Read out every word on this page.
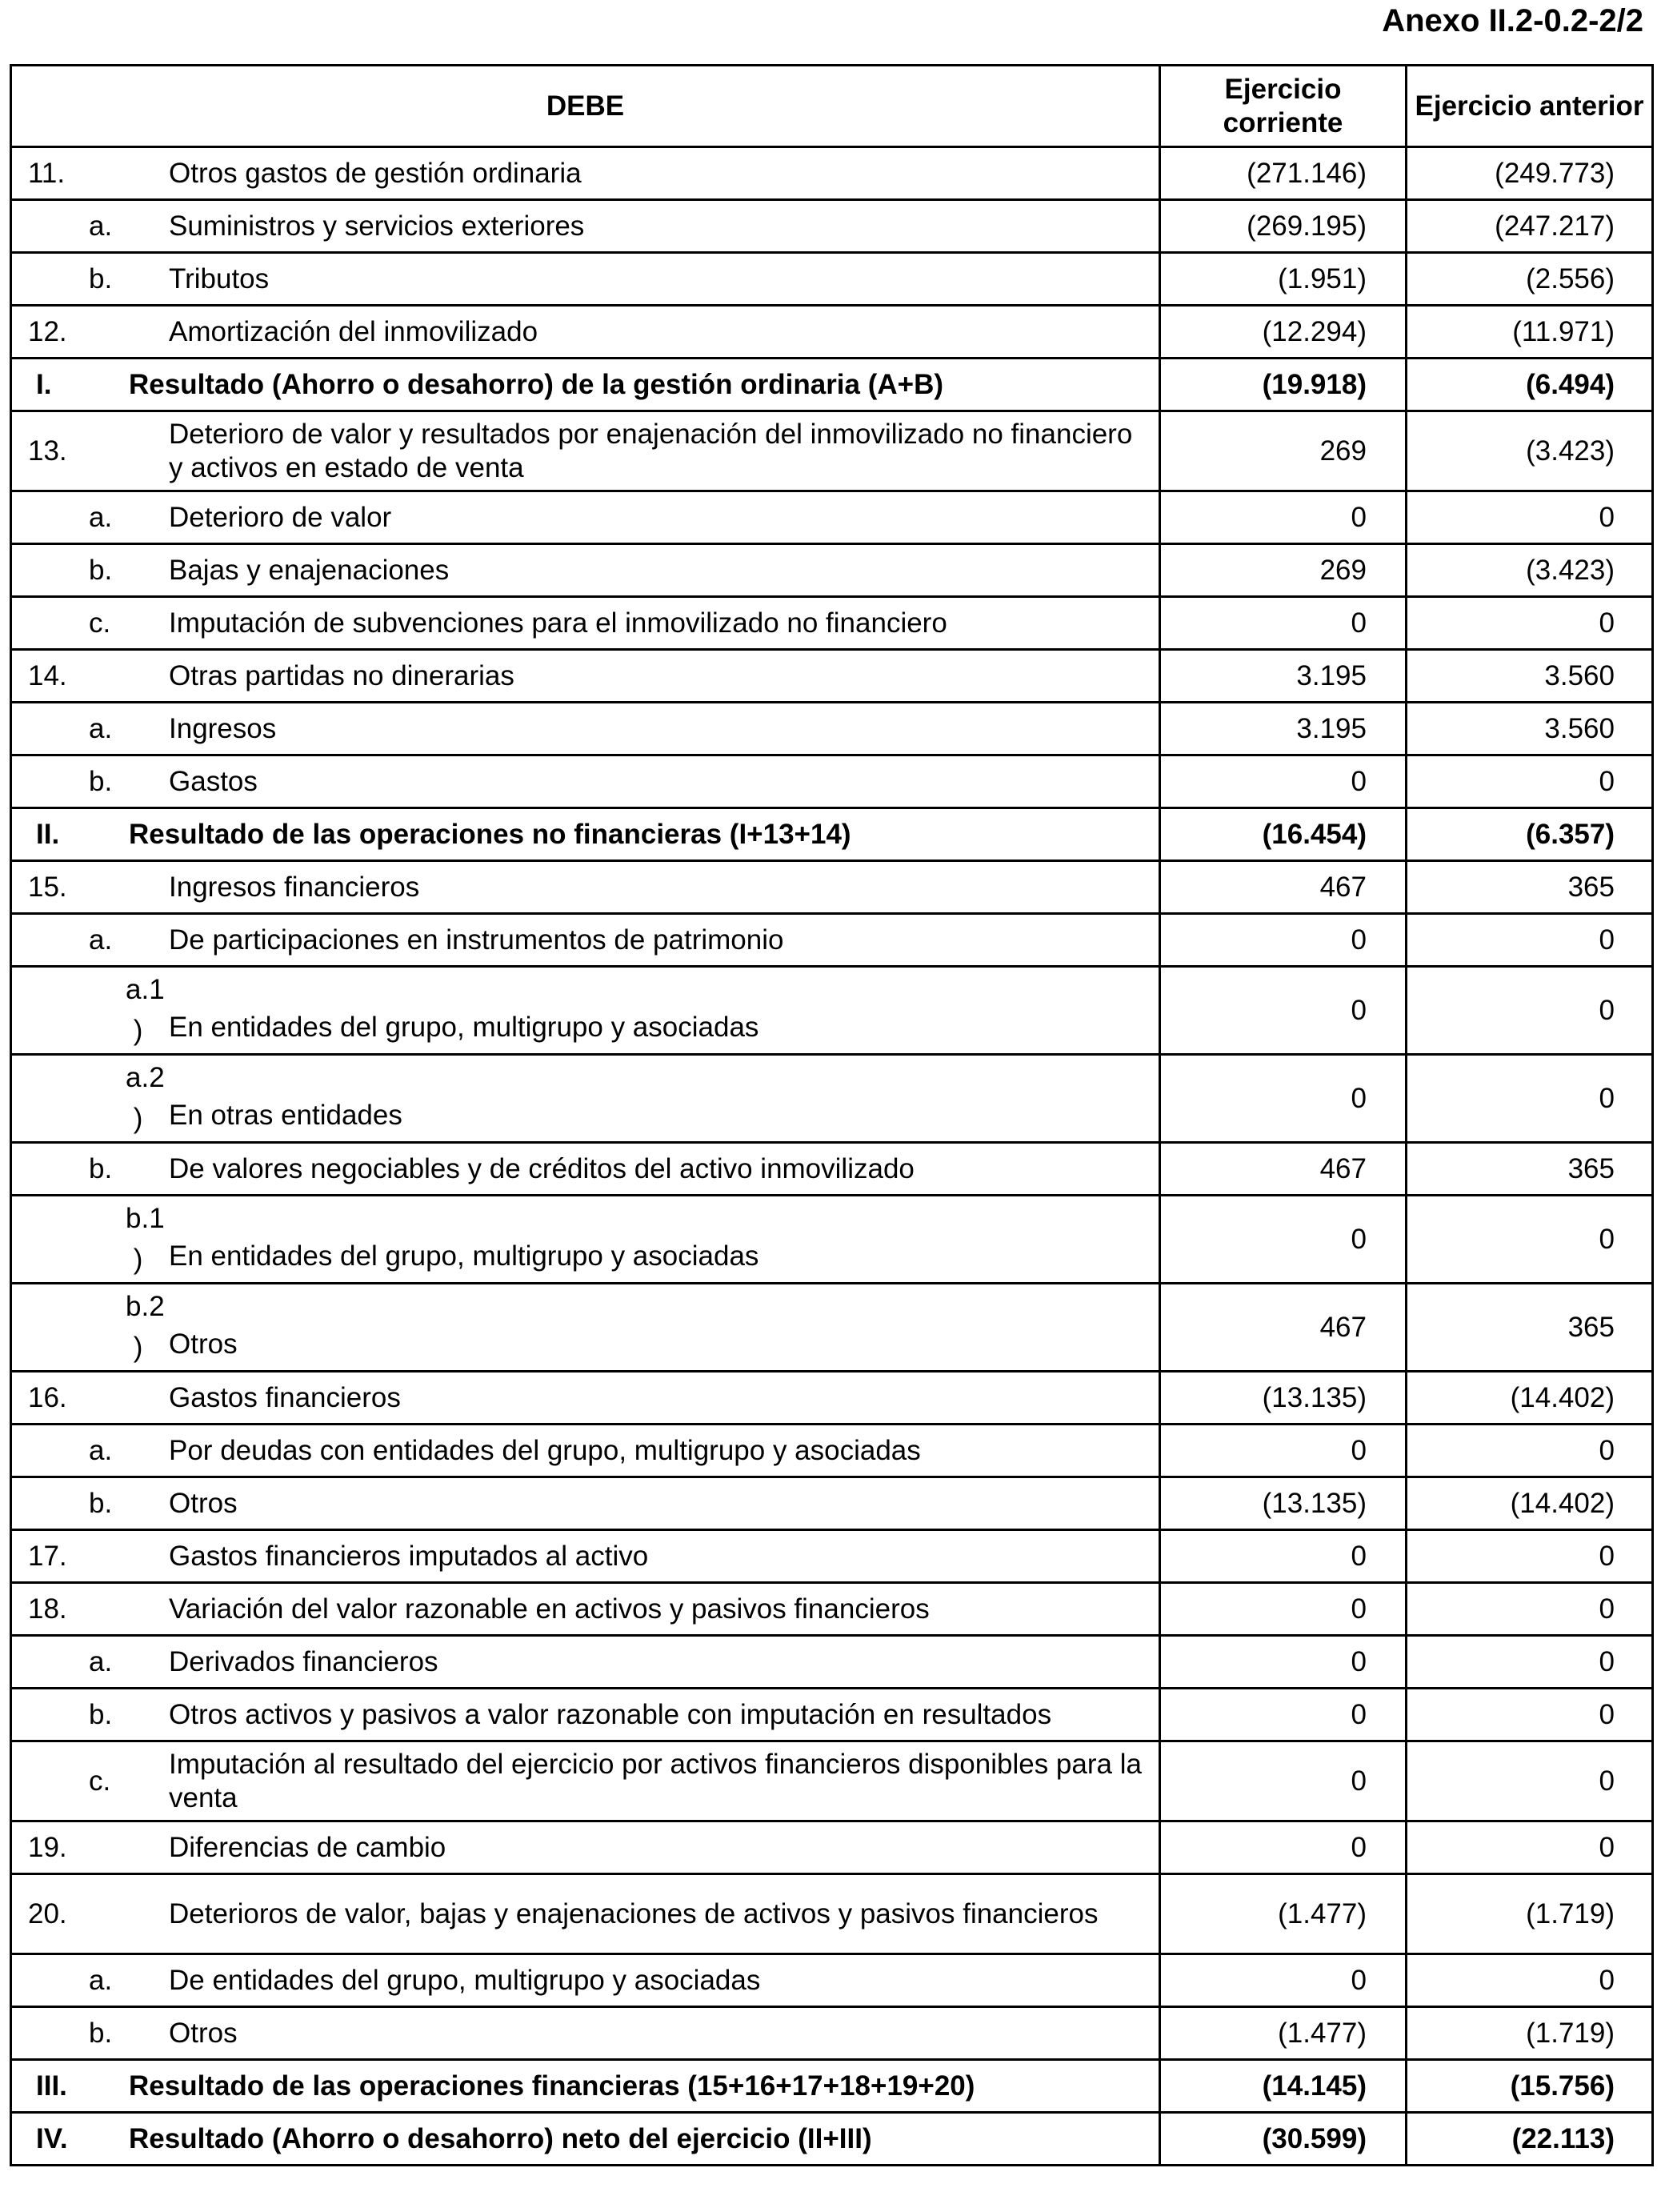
Anexo II.2-0.2-2/2
DEBE	Ejercicio corriente	Ejercicio anterior

11. Otros gastos de gestión ordinaria	(271.146)	(249.773)

a. Suministros y servicios exteriores	(269.195)	(247.217)

b. Tributos	(1.951)	(2.556)

12. Amortización del inmovilizado	(12.294)	(11.971)

I. Resultado (Ahorro o desahorro) de la gestión ordinaria (A+B)	(19.918)	(6.494)

13.
Deterioro de valor y resultados por enajenación del inmovilizado no financiero y activos en estado de venta	269	(3.423)

a. Deterioro de valor	0	0

b. Bajas y enajenaciones	269	(3.423)

c. Imputación de subvenciones para el inmovilizado no financiero	0	0

14. Otras partidas no dinerarias	3.195	3.560

a. Ingresos	3.195	3.560

b. Gastos	0	0

II. Resultado de las operaciones no financieras (I+13+14)	(16.454)	(6.357)

15. Ingresos financieros	467	365

a. De participaciones en instrumentos de patrimonio	0	0

a.1
) En entidades del grupo, multigrupo y asociadas	0	0

a.2
) En otras entidades	0	0

b. De valores negociables y de créditos del activo inmovilizado	467	365

b.1
) En entidades del grupo, multigrupo y asociadas	0	0

b.2
) Otros	467	365

16. Gastos financieros	(13.135)	(14.402)

a. Por deudas con entidades del grupo, multigrupo y asociadas	0	0

b. Otros	(13.135)	(14.402)

17. Gastos financieros imputados al activo	0	0

18. Variación del valor razonable en activos y pasivos financieros	0	0

a. Derivados financieros	0	0

b. Otros activos y pasivos a valor razonable con imputación en resultados	0	0

c.
Imputación al resultado del ejercicio por activos financieros disponibles para la venta	0	0

19. Diferencias de cambio	0	0

20. Deterioros de valor, bajas y enajenaciones de activos y pasivos financieros	(1.477)	(1.719)

a. De entidades del grupo, multigrupo y asociadas	0	0

b. Otros	(1.477)	(1.719)

III. Resultado de las operaciones financieras (15+16+17+18+19+20)	(14.145)	(15.756)

IV. Resultado (Ahorro o desahorro) neto del ejercicio (II+III)	(30.599)	(22.113)
